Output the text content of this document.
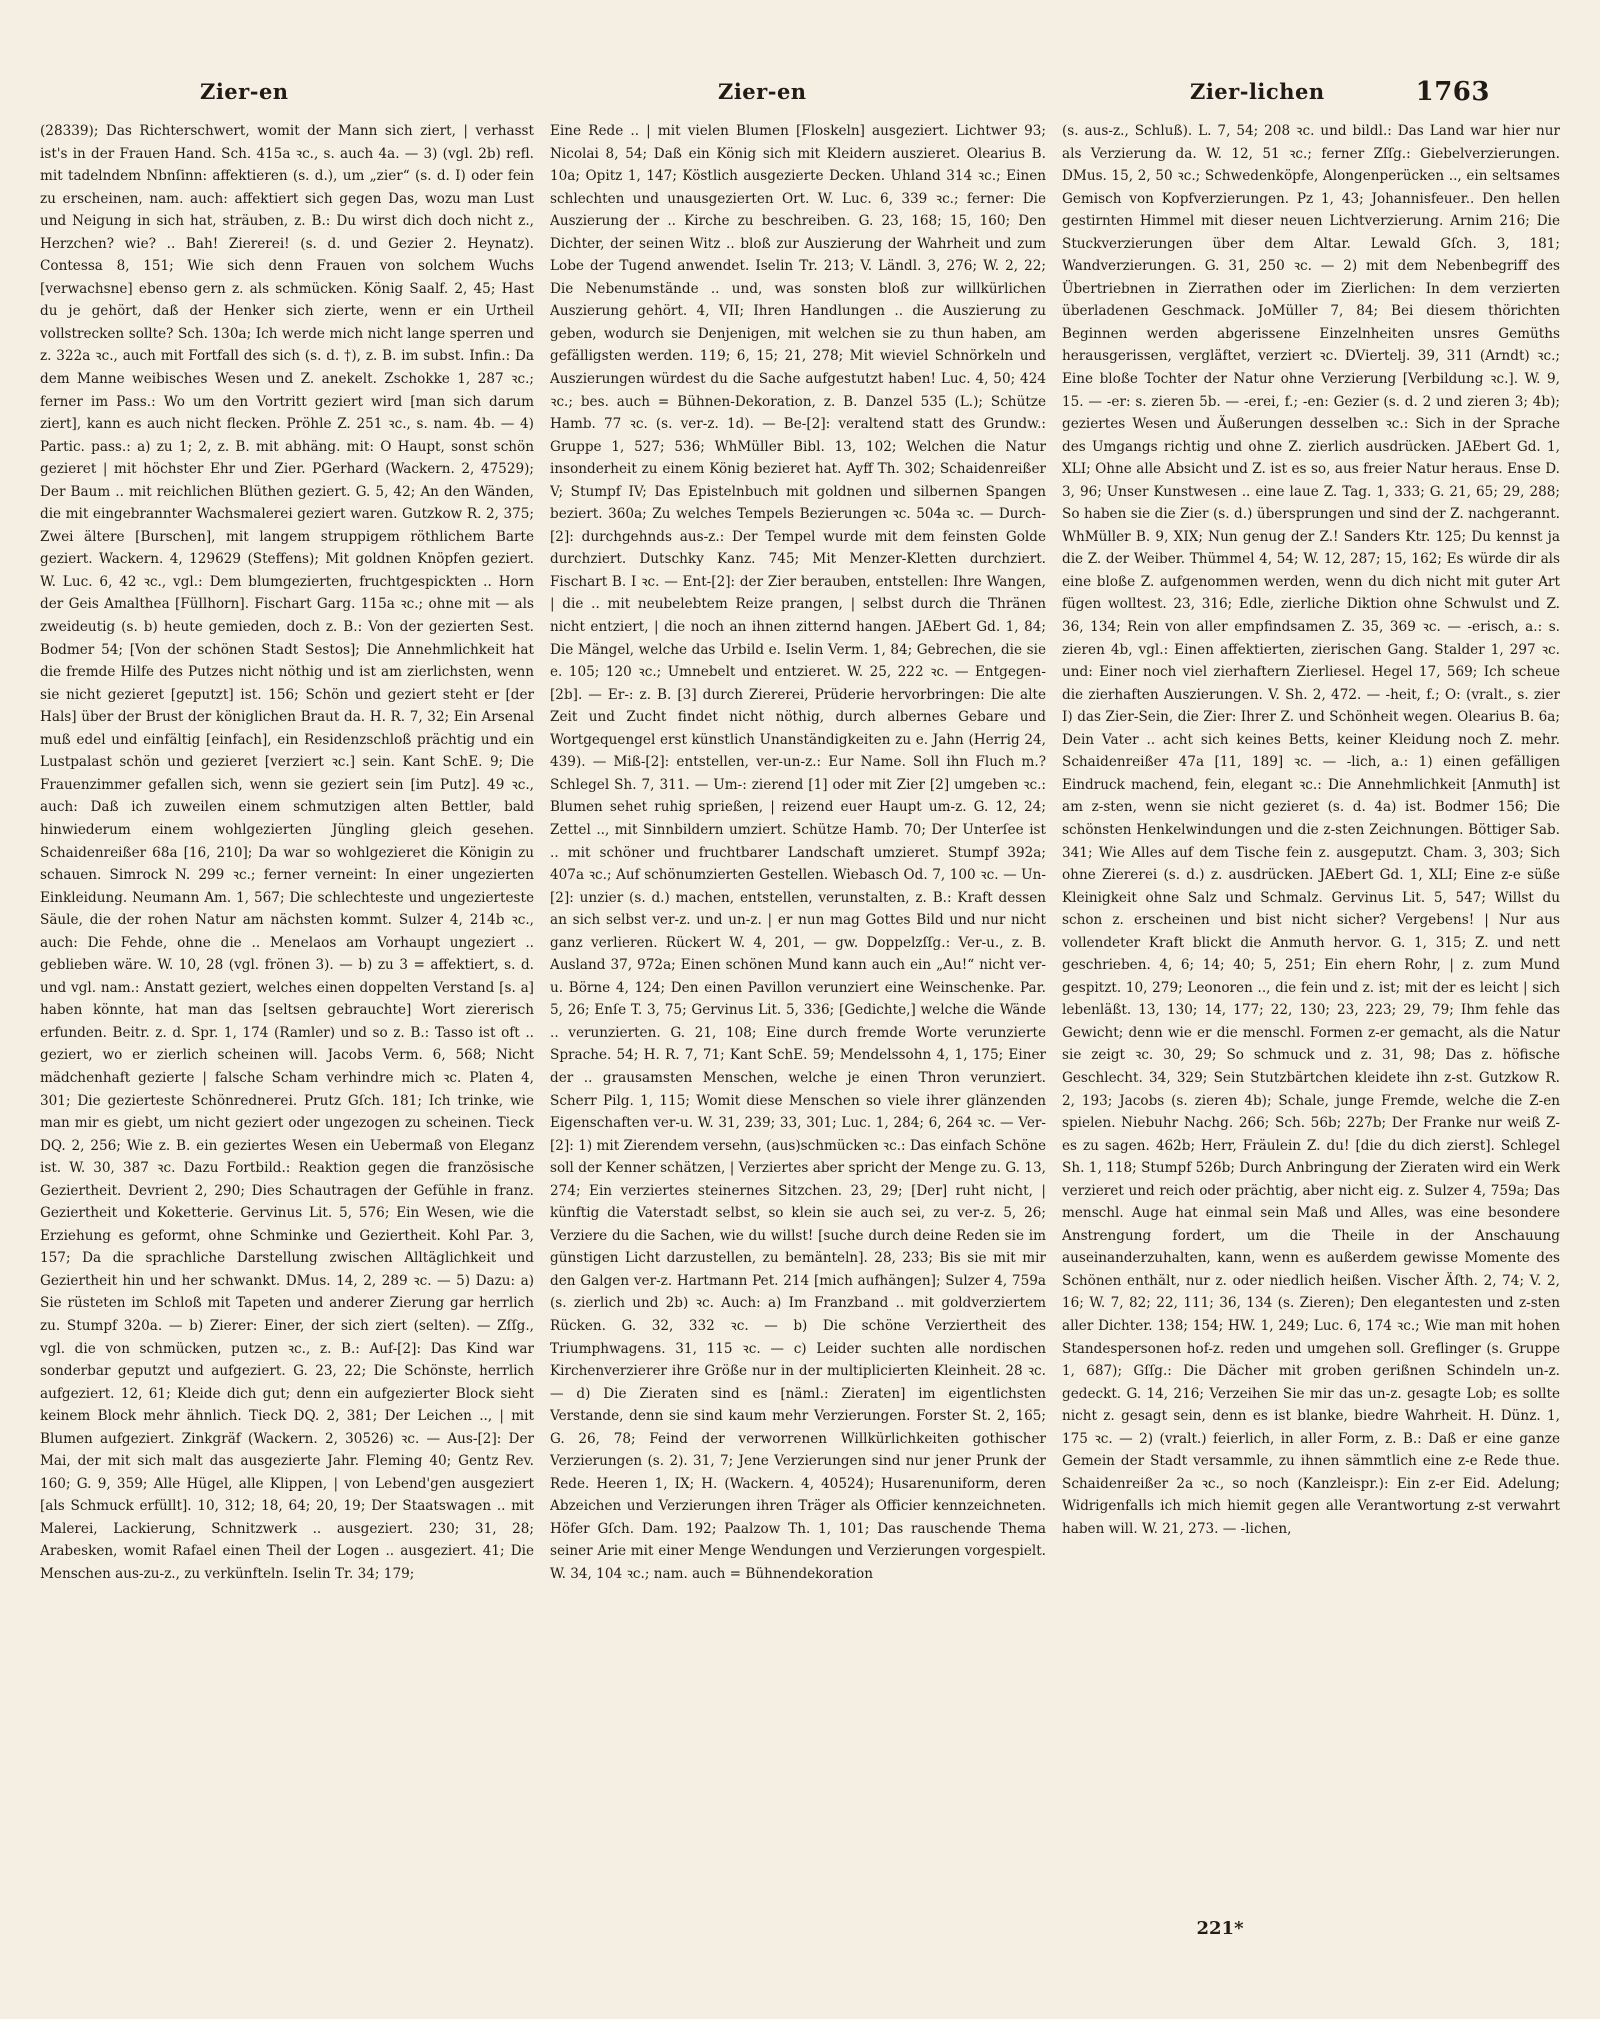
Zier-en	Zier-en	Zier-lichen	1763

(28339); Das Richterschwert, womit der Mann sich ziert, | verhasst ist's in der Frauen Hand. Sch. 415a ꝛc., s. auch 4a. — 3) (vgl. 2b) refl. mit tadelndem Nbnſinn: affektieren (s. d.), um „zier“ (s. d. I) oder fein zu erscheinen, nam. auch: affektiert sich gegen Das, wozu man Lust und Neigung in sich hat, sträuben, z. B.: Du wirst dich doch nicht z., Herzchen? wie? .. Bah! Ziererei! (s. d. und Gezier 2. Heynatz). Contessa 8, 151; Wie sich denn Frauen von solchem Wuchs [verwachsne] ebenso gern z. als schmücken. König Saalf. 2, 45; Hast du je gehört, daß der Henker sich zierte, wenn er ein Urtheil vollstrecken sollte? Sch. 130a; Ich werde mich nicht lange sperren und z. 322a ꝛc., auch mit Fortfall des sich (s. d. †), z. B. im subst. Infin.: Da dem Manne weibisches Wesen und Z. anekelt. Zschokke 1, 287 ꝛc.; ferner im Pass.: Wo um den Vortritt geziert wird [man sich darum ziert], kann es auch nicht flecken. Pröhle Z. 251 ꝛc., s. nam. 4b. — 4) Partic. pass.: a) zu 1; 2, z. B. mit abhäng. mit: O Haupt, sonst schön gezieret | mit höchster Ehr und Zier. PGerhard (Wackern. 2, 47529); Der Baum .. mit reichlichen Blüthen geziert. G. 5, 42; An den Wänden, die mit eingebrannter Wachsmalerei geziert waren. Gutzkow R. 2, 375; Zwei ältere [Burschen], mit langem struppigem röthlichem Barte geziert. Wackern. 4, 129629 (Steffens); Mit goldnen Knöpfen geziert. W. Luc. 6, 42 ꝛc., vgl.: Dem blumgezierten, fruchtgespickten .. Horn der Geis Amalthea [Füllhorn]. Fischart Garg. 115a ꝛc.; ohne mit — als zweideutig (s. b) heute gemieden, doch z. B.: Von der gezierten Sest. Bodmer 54; [Von der schönen Stadt Sestos]; Die Annehmlichkeit hat die fremde Hilfe des Putzes nicht nöthig und ist am zierlichsten, wenn sie nicht gezieret [geputzt] ist. 156; Schön und geziert steht er [der Hals] über der Brust der königlichen Braut da. H. R. 7, 32; Ein Arsenal muß edel und einfältig [einfach], ein Residenzschloß prächtig und ein Lustpalast schön und gezieret [verziert ꝛc.] sein. Kant SchE. 9; Die Frauenzimmer gefallen sich, wenn sie geziert sein [im Putz]. 49 ꝛc., auch: Daß ich zuweilen einem schmutzigen alten Bettler, bald hinwiederum einem wohlgezierten Jüngling gleich gesehen. Schaidenreißer 68a [16, 210]; Da war so wohlgezieret die Königin zu schauen. Simrock N. 299 ꝛc.; ferner verneint: In einer ungezierten Einkleidung. Neumann Am. 1, 567; Die schlechteste und ungezierteste Säule, die der rohen Natur am nächsten kommt. Sulzer 4, 214b ꝛc., auch: Die Fehde, ohne die .. Menelaos am Vorhaupt ungeziert .. geblieben wäre. W. 10, 28 (vgl. frönen 3). — b) zu 3 = affektiert, s. d. und vgl. nam.: Anstatt geziert, welches einen doppelten Verstand [s. a] haben könnte, hat man das [seltsen gebrauchte] Wort ziererisch erfunden. Beitr. z. d. Spr. 1, 174 (Ramler) und so z. B.: Tasso ist oft .. geziert, wo er zierlich scheinen will. Jacobs Verm. 6, 568; Nicht mädchenhaft gezierte | falsche Scham verhindre mich ꝛc. Platen 4, 301; Die gezierteste Schönrednerei. Prutz Gſch. 181; Ich trinke, wie man mir es giebt, um nicht geziert oder ungezogen zu scheinen. Tieck DQ. 2, 256; Wie z. B. ein geziertes Wesen ein Uebermaß von Eleganz ist. W. 30, 387 ꝛc. Dazu Fortbild.: Reaktion gegen die französische Geziertheit. Devrient 2, 290; Dies Schautragen der Gefühle in franz. Geziertheit und Koketterie. Gervinus Lit. 5, 576; Ein Wesen, wie die Erziehung es geformt, ohne Schminke und Geziertheit. Kohl Par. 3, 157; Da die sprachliche Darstellung zwischen Alltäglichkeit und Geziertheit hin und her schwankt. DMus. 14, 2, 289 ꝛc. — 5) Dazu: a) Sie rüsteten im Schloß mit Tapeten und anderer Zierung gar herrlich zu. Stumpf 320a. — b) Zierer: Einer, der sich ziert (selten). — Zſſg., vgl. die von schmücken, putzen ꝛc., z. B.: Auf-[2]: Das Kind war sonderbar geputzt und aufgeziert. G. 23, 22; Die Schönste, herrlich aufgeziert. 12, 61; Kleide dich gut; denn ein aufgezierter Block sieht keinem Block mehr ähnlich. Tieck DQ. 2, 381; Der Leichen .., | mit Blumen aufgeziert. Zinkgräf (Wackern. 2, 30526) ꝛc. — Aus-[2]: Der Mai, der mit sich malt das ausgezierte Jahr. Fleming 40; Gentz Rev. 160; G. 9, 359; Alle Hügel, alle Klippen, | von Lebend'gen ausgeziert [als Schmuck erfüllt]. 10, 312; 18, 64; 20, 19; Der Staatswagen .. mit Malerei, Lackierung, Schnitzwerk .. ausgeziert. 230; 31, 28; Arabesken, womit Rafael einen Theil der Logen .. ausgeziert. 41; Die Menschen aus-zu-z., zu verkünfteln. Iselin Tr. 34; 179;

Eine Rede .. | mit vielen Blumen [Floskeln] ausgeziert. Lichtwer 93; Nicolai 8, 54; Daß ein König sich mit Kleidern auszieret. Olearius B. 10a; Opitz 1, 147; Köstlich ausgezierte Decken. Uhland 314 ꝛc.; Einen schlechten und unausgezierten Ort. W. Luc. 6, 339 ꝛc.; ferner: Die Auszierung der .. Kirche zu beschreiben. G. 23, 168; 15, 160; Den Dichter, der seinen Witz .. bloß zur Auszierung der Wahrheit und zum Lobe der Tugend anwendet. Iselin Tr. 213; V. Ländl. 3, 276; W. 2, 22; Die Nebenumstände .. und, was sonsten bloß zur willkürlichen Auszierung gehört. 4, VII; Ihren Handlungen .. die Auszierung zu geben, wodurch sie Denjenigen, mit welchen sie zu thun haben, am gefälligsten werden. 119; 6, 15; 21, 278; Mit wieviel Schnörkeln und Auszierungen würdest du die Sache aufgestutzt haben! Luc. 4, 50; 424 ꝛc.; bes. auch = Bühnen-Dekoration, z. B. Danzel 535 (L.); Schütze Hamb. 77 ꝛc. (s. ver-z. 1d). — Be-[2]: veraltend statt des Grundw.: Gruppe 1, 527; 536; WhMüller Bibl. 13, 102; Welchen die Natur insonderheit zu einem König bezieret hat. Ayff Th. 302; Schaidenreißer V; Stumpf IV; Das Epistelnbuch mit goldnen und silbernen Spangen beziert. 360a; Zu welches Tempels Bezierungen ꝛc. 504a ꝛc. — Durch-[2]: durchgehnds aus-z.: Der Tempel wurde mit dem feinsten Golde durchziert. Dutschky Kanz. 745; Mit Menzer-Kletten durchziert. Fischart B. I ꝛc. — Ent-[2]: der Zier berauben, entstellen: Ihre Wangen, | die .. mit neubelebtem Reize prangen, | selbst durch die Thränen nicht entziert, | die noch an ihnen zitternd hangen. JAEbert Gd. 1, 84; Die Mängel, welche das Urbild e. Iselin Verm. 1, 84; Gebrechen, die sie e. 105; 120 ꝛc.; Umnebelt und entzieret. W. 25, 222 ꝛc. — Entgegen-[2b]. — Er-: z. B. [3] durch Ziererei, Prüderie hervorbringen: Die alte Zeit und Zucht findet nicht nöthig, durch albernes Gebare und Wortgequengel erst künstlich Unanständigkeiten zu e. Jahn (Herrig 24, 439). — Miß-[2]: entstellen, ver-un-z.: Eur Name. Soll ihn Fluch m.? Schlegel Sh. 7, 311. — Um-: zierend [1] oder mit Zier [2] umgeben ꝛc.: Blumen sehet ruhig sprießen, | reizend euer Haupt um-z. G. 12, 24; Zettel .., mit Sinnbildern umziert. Schütze Hamb. 70; Der Unterſee ist .. mit schöner und fruchtbarer Landschaft umzieret. Stumpf 392a; 407a ꝛc.; Auf schönumzierten Gestellen. Wiebasch Od. 7, 100 ꝛc. — Un-[2]: unzier (s. d.) machen, entstellen, verunstalten, z. B.: Kraft dessen an sich selbst ver-z. und un-z. | er nun mag Gottes Bild und nur nicht ganz verlieren. Rückert W. 4, 201, — gw. Doppelzſſg.: Ver-u., z. B. Ausland 37, 972a; Einen schönen Mund kann auch ein „Au!“ nicht ver-u. Börne 4, 124; Den einen Pavillon verunziert eine Weinschenke. Par. 5, 26; Enſe T. 3, 75; Gervinus Lit. 5, 336; [Gedichte,] welche die Wände .. verunzierten. G. 21, 108; Eine durch fremde Worte verunzierte Sprache. 54; H. R. 7, 71; Kant SchE. 59; Mendelssohn 4, 1, 175; Einer der .. grausamsten Menschen, welche je einen Thron verunziert. Scherr Pilg. 1, 115; Womit diese Menschen so viele ihrer glänzenden Eigenschaften ver-u. W. 31, 239; 33, 301; Luc. 1, 284; 6, 264 ꝛc. — Ver-[2]: 1) mit Zierendem versehn, (aus)schmücken ꝛc.: Das einfach Schöne soll der Kenner schätzen, | Verziertes aber spricht der Menge zu. G. 13, 274; Ein verziertes steinernes Sitzchen. 23, 29; [Der] ruht nicht, | künftig die Vaterstadt selbst, so klein sie auch sei, zu ver-z. 5, 26; Verziere du die Sachen, wie du willst! [suche durch deine Reden sie im günstigen Licht darzustellen, zu bemänteln]. 28, 233; Bis sie mit mir den Galgen ver-z. Hartmann Pet. 214 [mich aufhängen]; Sulzer 4, 759a (s. zierlich und 2b) ꝛc. Auch: a) Im Franzband .. mit goldverziertem Rücken. G. 32, 332 ꝛc. — b) Die schöne Verziertheit des Triumphwagens. 31, 115 ꝛc. — c) Leider suchten alle nordischen Kirchenverzierer ihre Größe nur in der multiplicierten Kleinheit. 28 ꝛc. — d) Die Zieraten sind es [näml.: Zieraten] im eigentlichsten Verstande, denn sie sind kaum mehr Verzierungen. Forster St. 2, 165; G. 26, 78; Feind der verworrenen Willkürlichkeiten gothischer Verzierungen (s. 2). 31, 7; Jene Verzierungen sind nur jener Prunk der Rede. Heeren 1, IX; H. (Wackern. 4, 40524); Husarenuniform, deren Abzeichen und Verzierungen ihren Träger als Officier kennzeichneten. Höfer Gſch. Dam. 192; Paalzow Th. 1, 101; Das rauschende Thema seiner Arie mit einer Menge Wendungen und Verzierungen vorgespielt. W. 34, 104 ꝛc.; nam. auch = Bühnendekoration

(s. aus-z., Schluß). L. 7, 54; 208 ꝛc. und bildl.: Das Land war hier nur als Verzierung da. W. 12, 51 ꝛc.; ferner Zſſg.: Giebelverzierungen. DMus. 15, 2, 50 ꝛc.; Schwedenköpfe, Alongenperücken .., ein seltsames Gemisch von Kopfverzierungen. Pz 1, 43; Johannisfeuer.. Den hellen gestirnten Himmel mit dieser neuen Lichtverzierung. Arnim 216; Die Stuckverzierungen über dem Altar. Lewald Gſch. 3, 181; Wandverzierungen. G. 31, 250 ꝛc. — 2) mit dem Nebenbegriff des Übertriebnen in Zierrathen oder im Zierlichen: In dem verzierten überladenen Geschmack. JoMüller 7, 84; Bei diesem thörichten Beginnen werden abgerissene Einzelnheiten unsres Gemüths herausgerissen, vergläftet, verziert ꝛc. DViertelj. 39, 311 (Arndt) ꝛc.; Eine bloße Tochter der Natur ohne Verzierung [Verbildung ꝛc.]. W. 9, 15. — -er: s. zieren 5b. — -erei, f.; -en: Gezier (s. d. 2 und zieren 3; 4b); geziertes Wesen und Äußerungen desselben ꝛc.: Sich in der Sprache des Umgangs richtig und ohne Z. zierlich ausdrücken. JAEbert Gd. 1, XLI; Ohne alle Absicht und Z. ist es so, aus freier Natur heraus. Ense D. 3, 96; Unser Kunstwesen .. eine laue Z. Tag. 1, 333; G. 21, 65; 29, 288; So haben sie die Zier (s. d.) übersprungen und sind der Z. nachgerannt. WhMüller B. 9, XIX; Nun genug der Z.! Sanders Ktr. 125; Du kennst ja die Z. der Weiber. Thümmel 4, 54; W. 12, 287; 15, 162; Es würde dir als eine bloße Z. aufgenommen werden, wenn du dich nicht mit guter Art fügen wolltest. 23, 316; Edle, zierliche Diktion ohne Schwulst und Z. 36, 134; Rein von aller empfindsamen Z. 35, 369 ꝛc. — -erisch, a.: s. zieren 4b, vgl.: Einen affektierten, zierischen Gang. Stalder 1, 297 ꝛc. und: Einer noch viel zierhaftern Zierliesel. Hegel 17, 569; Ich scheue die zierhaften Auszierungen. V. Sh. 2, 472. — -heit, f.; O: (vralt., s. zier I) das Zier-Sein, die Zier: Ihrer Z. und Schönheit wegen. Olearius B. 6a; Dein Vater .. acht sich keines Betts, keiner Kleidung noch Z. mehr. Schaidenreißer 47a [11, 189] ꝛc. — -lich, a.: 1) einen gefälligen Eindruck machend, fein, elegant ꝛc.: Die Annehmlichkeit [Anmuth] ist am z-sten, wenn sie nicht gezieret (s. d. 4a) ist. Bodmer 156; Die schönsten Henkelwindungen und die z-sten Zeichnungen. Böttiger Sab. 341; Wie Alles auf dem Tische fein z. ausgeputzt. Cham. 3, 303; Sich ohne Ziererei (s. d.) z. ausdrücken. JAEbert Gd. 1, XLI; Eine z-e süße Kleinigkeit ohne Salz und Schmalz. Gervinus Lit. 5, 547; Willst du schon z. erscheinen und bist nicht sicher? Vergebens! | Nur aus vollendeter Kraft blickt die Anmuth hervor. G. 1, 315; Z. und nett geschrieben. 4, 6; 14; 40; 5, 251; Ein ehern Rohr, | z. zum Mund gespitzt. 10, 279; Leonoren .., die fein und z. ist; mit der es leicht | sich lebenläßt. 13, 130; 14, 177; 22, 130; 23, 223; 29, 79; Ihm fehle das Gewicht; denn wie er die menschl. Formen z-er gemacht, als die Natur sie zeigt ꝛc. 30, 29; So schmuck und z. 31, 98; Das z. höfische Geschlecht. 34, 329; Sein Stutzbärtchen kleidete ihn z-st. Gutzkow R. 2, 193; Jacobs (s. zieren 4b); Schale, junge Fremde, welche die Z-en spielen. Niebuhr Nachg. 266; Sch. 56b; 227b; Der Franke nur weiß Z-es zu sagen. 462b; Herr, Fräulein Z. du! [die du dich zierst]. Schlegel Sh. 1, 118; Stumpf 526b; Durch Anbringung der Zieraten wird ein Werk verzieret und reich oder prächtig, aber nicht eig. z. Sulzer 4, 759a; Das menschl. Auge hat einmal sein Maß und Alles, was eine besondere Anstrengung fordert, um die Theile in der Anschauung auseinanderzuhalten, kann, wenn es außerdem gewisse Momente des Schönen enthält, nur z. oder niedlich heißen. Vischer Äſth. 2, 74; V. 2, 16; W. 7, 82; 22, 111; 36, 134 (s. Zieren); Den elegantesten und z-sten aller Dichter. 138; 154; HW. 1, 249; Luc. 6, 174 ꝛc.; Wie man mit hohen Standespersonen hof-z. reden und umgehen soll. Greflinger (s. Gruppe 1, 687); Gſſg.: Die Dächer mit groben gerißnen Schindeln un-z. gedeckt. G. 14, 216; Verzeihen Sie mir das un-z. gesagte Lob; es sollte nicht z. gesagt sein, denn es ist blanke, biedre Wahrheit. H. Dünz. 1, 175 ꝛc. — 2) (vralt.) feierlich, in aller Form, z. B.: Daß er eine ganze Gemein der Stadt versammle, zu ihnen sämmtlich eine z-e Rede thue. Schaidenreißer 2a ꝛc., so noch (Kanzleispr.): Ein z-er Eid. Adelung; Widrigenfalls ich mich hiemit gegen alle Verantwortung z-st verwahrt haben will. W. 21, 273. — -lichen,

221*
